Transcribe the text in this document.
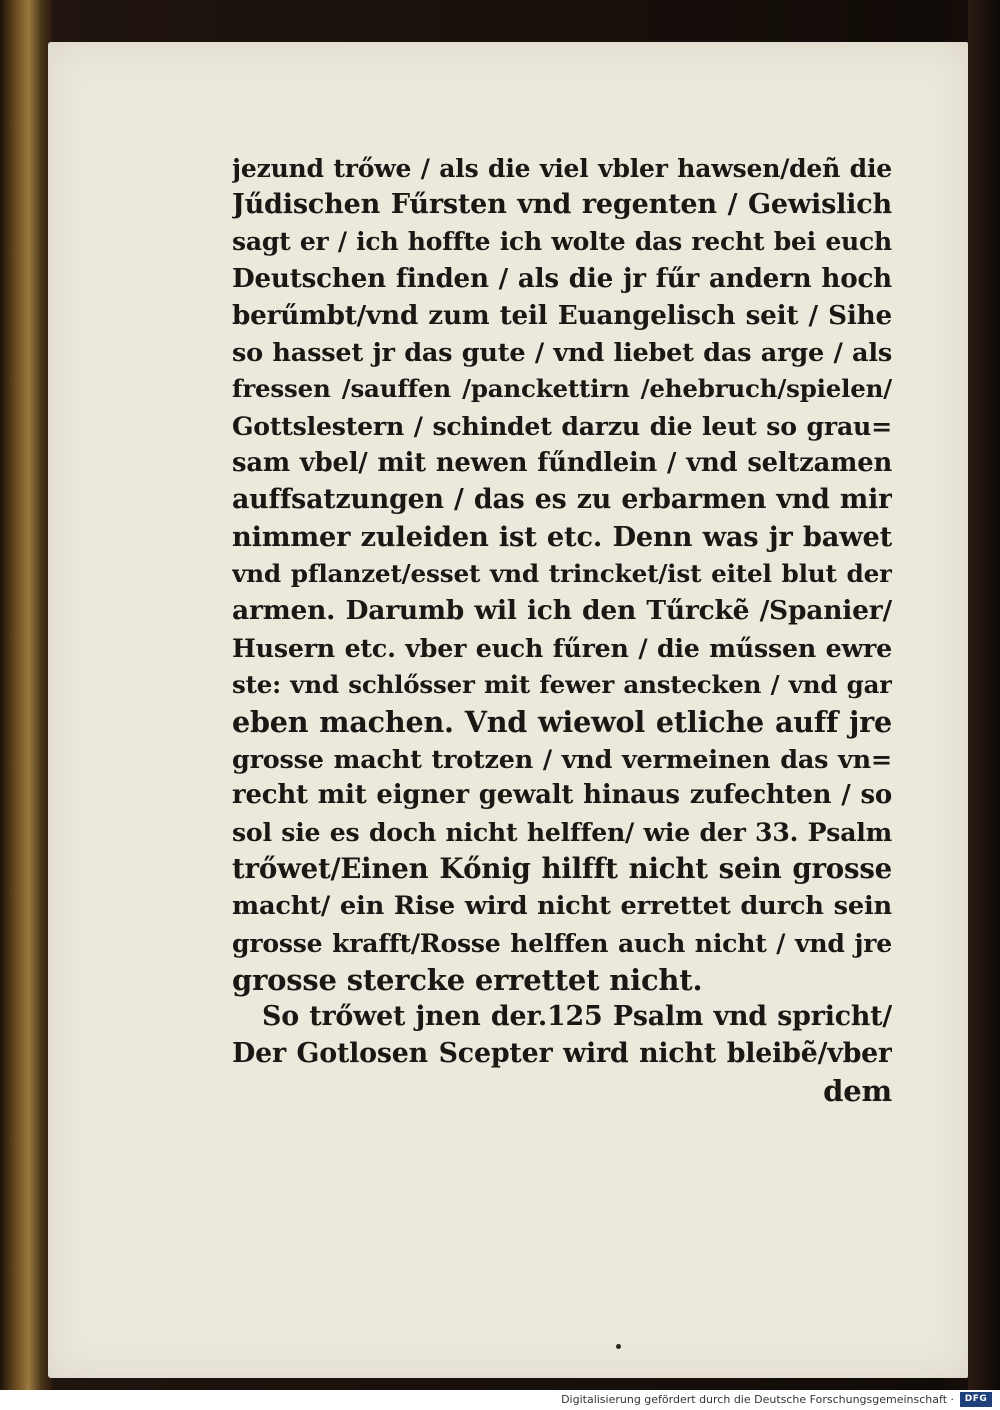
jezund trőwe / als die viel vbler hawsen/deñ die
Jűdischen Fűrsten vnd regenten / Gewislich
sagt er / ich hoffte ich wolte das recht bei euch
Deutschen finden / als die jr fűr andern hoch
berűmbt/vnd zum teil Euangelisch seit / Sihe
so hasset jr das gute / vnd liebet das arge / als
fressen /sauffen /panckettirn /ehebruch/spielen/
Gottslestern / schindet darzu die leut so grau=
sam vbel/ mit newen fűndlein / vnd seltzamen
auffsatzungen / das es zu erbarmen vnd mir
nimmer zuleiden ist etc. Denn was jr bawet
vnd pflanzet/esset vnd trincket/ist eitel blut der
armen. Darumb wil ich den Tűrckẽ /Spanier/
Husern etc. vber euch fűren / die műssen ewre
ste: vnd schlősser mit fewer anstecken / vnd gar
eben machen. Vnd wiewol etliche auff jre
grosse macht trotzen / vnd vermeinen das vn=
recht mit eigner gewalt hinaus zufechten / so
sol sie es doch nicht helffen/ wie der 33. Psalm
trőwet/Einen Kőnig hilfft nicht sein grosse
macht/ ein Rise wird nicht errettet durch sein
grosse krafft/Rosse helffen auch nicht / vnd jre
grosse stercke errettet nicht.
So trőwet jnen der.125 Psalm vnd spricht/
Der Gotlosen Scepter wird nicht bleibẽ/vber
dem
Digitalisierung gefördert durch die Deutsche Forschungsgemeinschaft ·	DFG
